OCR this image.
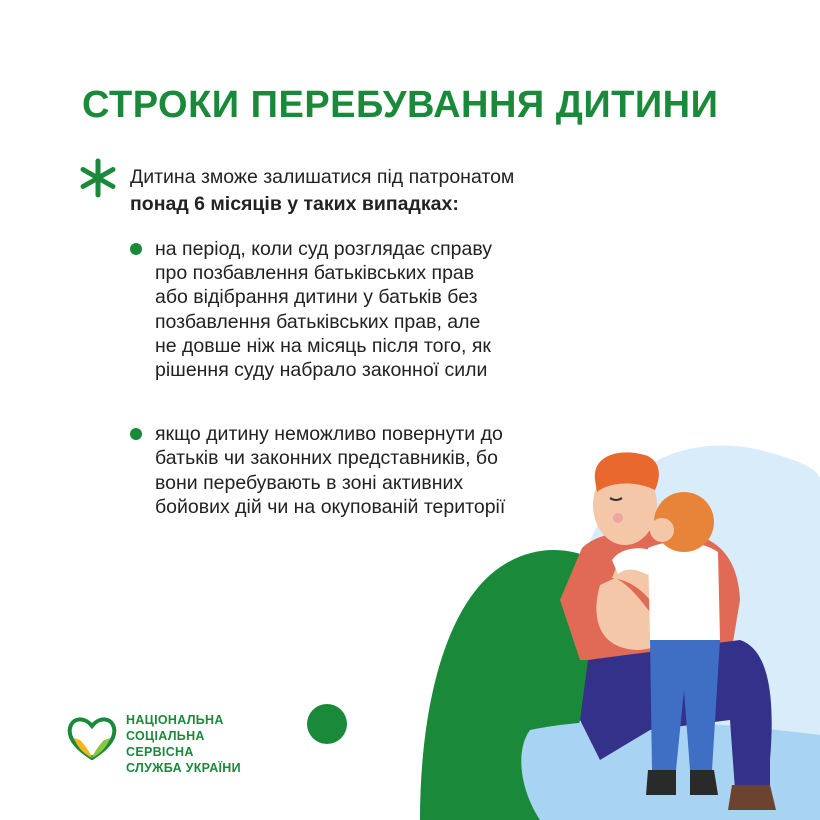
СТРОКИ ПЕРЕБУВАННЯ ДИТИНИ

Дитина зможе залишатися під патронатом

понад 6 місяців у таких випадках:

на період, коли суд розглядає справу
про позбавлення батьківських прав
або відібрання дитини у батьків без
позбавлення батьківських прав, але
не довше ніж на місяць після того, як
рішення суду набрало законної сили
якщо дитину неможливо повернути до
батьків чи законних представників, бо
вони перебувають в зоні активних
бойових дій чи на окупованій території
НАЦІОНАЛЬНА
СОЦІАЛЬНА СЕРВІСНА
СЛУЖБА УКРАЇНИ
